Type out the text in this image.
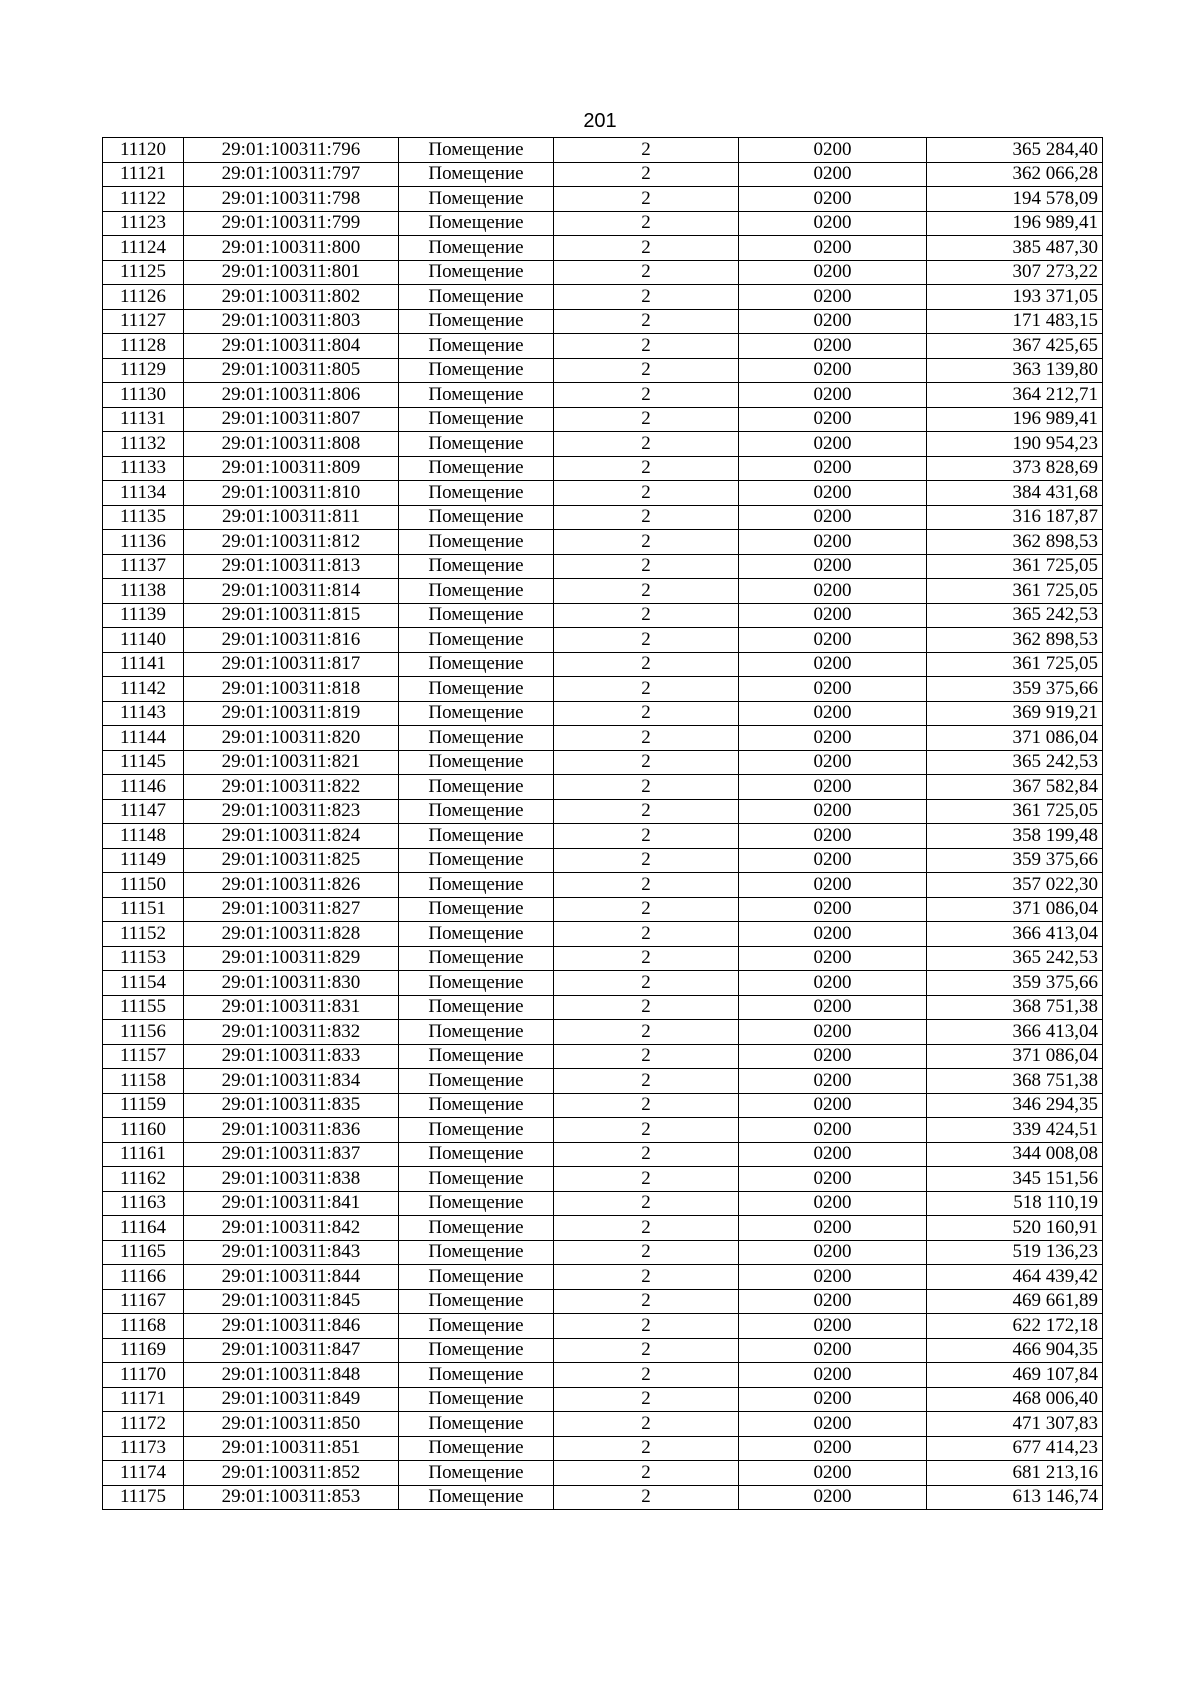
201
11120	29:01:100311:796	Помещение	2	0200	365 284,40
11121	29:01:100311:797	Помещение	2	0200	362 066,28
11122	29:01:100311:798	Помещение	2	0200	194 578,09
11123	29:01:100311:799	Помещение	2	0200	196 989,41
11124	29:01:100311:800	Помещение	2	0200	385 487,30
11125	29:01:100311:801	Помещение	2	0200	307 273,22
11126	29:01:100311:802	Помещение	2	0200	193 371,05
11127	29:01:100311:803	Помещение	2	0200	171 483,15
11128	29:01:100311:804	Помещение	2	0200	367 425,65
11129	29:01:100311:805	Помещение	2	0200	363 139,80
11130	29:01:100311:806	Помещение	2	0200	364 212,71
11131	29:01:100311:807	Помещение	2	0200	196 989,41
11132	29:01:100311:808	Помещение	2	0200	190 954,23
11133	29:01:100311:809	Помещение	2	0200	373 828,69
11134	29:01:100311:810	Помещение	2	0200	384 431,68
11135	29:01:100311:811	Помещение	2	0200	316 187,87
11136	29:01:100311:812	Помещение	2	0200	362 898,53
11137	29:01:100311:813	Помещение	2	0200	361 725,05
11138	29:01:100311:814	Помещение	2	0200	361 725,05
11139	29:01:100311:815	Помещение	2	0200	365 242,53
11140	29:01:100311:816	Помещение	2	0200	362 898,53
11141	29:01:100311:817	Помещение	2	0200	361 725,05
11142	29:01:100311:818	Помещение	2	0200	359 375,66
11143	29:01:100311:819	Помещение	2	0200	369 919,21
11144	29:01:100311:820	Помещение	2	0200	371 086,04
11145	29:01:100311:821	Помещение	2	0200	365 242,53
11146	29:01:100311:822	Помещение	2	0200	367 582,84
11147	29:01:100311:823	Помещение	2	0200	361 725,05
11148	29:01:100311:824	Помещение	2	0200	358 199,48
11149	29:01:100311:825	Помещение	2	0200	359 375,66
11150	29:01:100311:826	Помещение	2	0200	357 022,30
11151	29:01:100311:827	Помещение	2	0200	371 086,04
11152	29:01:100311:828	Помещение	2	0200	366 413,04
11153	29:01:100311:829	Помещение	2	0200	365 242,53
11154	29:01:100311:830	Помещение	2	0200	359 375,66
11155	29:01:100311:831	Помещение	2	0200	368 751,38
11156	29:01:100311:832	Помещение	2	0200	366 413,04
11157	29:01:100311:833	Помещение	2	0200	371 086,04
11158	29:01:100311:834	Помещение	2	0200	368 751,38
11159	29:01:100311:835	Помещение	2	0200	346 294,35
11160	29:01:100311:836	Помещение	2	0200	339 424,51
11161	29:01:100311:837	Помещение	2	0200	344 008,08
11162	29:01:100311:838	Помещение	2	0200	345 151,56
11163	29:01:100311:841	Помещение	2	0200	518 110,19
11164	29:01:100311:842	Помещение	2	0200	520 160,91
11165	29:01:100311:843	Помещение	2	0200	519 136,23
11166	29:01:100311:844	Помещение	2	0200	464 439,42
11167	29:01:100311:845	Помещение	2	0200	469 661,89
11168	29:01:100311:846	Помещение	2	0200	622 172,18
11169	29:01:100311:847	Помещение	2	0200	466 904,35
11170	29:01:100311:848	Помещение	2	0200	469 107,84
11171	29:01:100311:849	Помещение	2	0200	468 006,40
11172	29:01:100311:850	Помещение	2	0200	471 307,83
11173	29:01:100311:851	Помещение	2	0200	677 414,23
11174	29:01:100311:852	Помещение	2	0200	681 213,16
11175	29:01:100311:853	Помещение	2	0200	613 146,74
